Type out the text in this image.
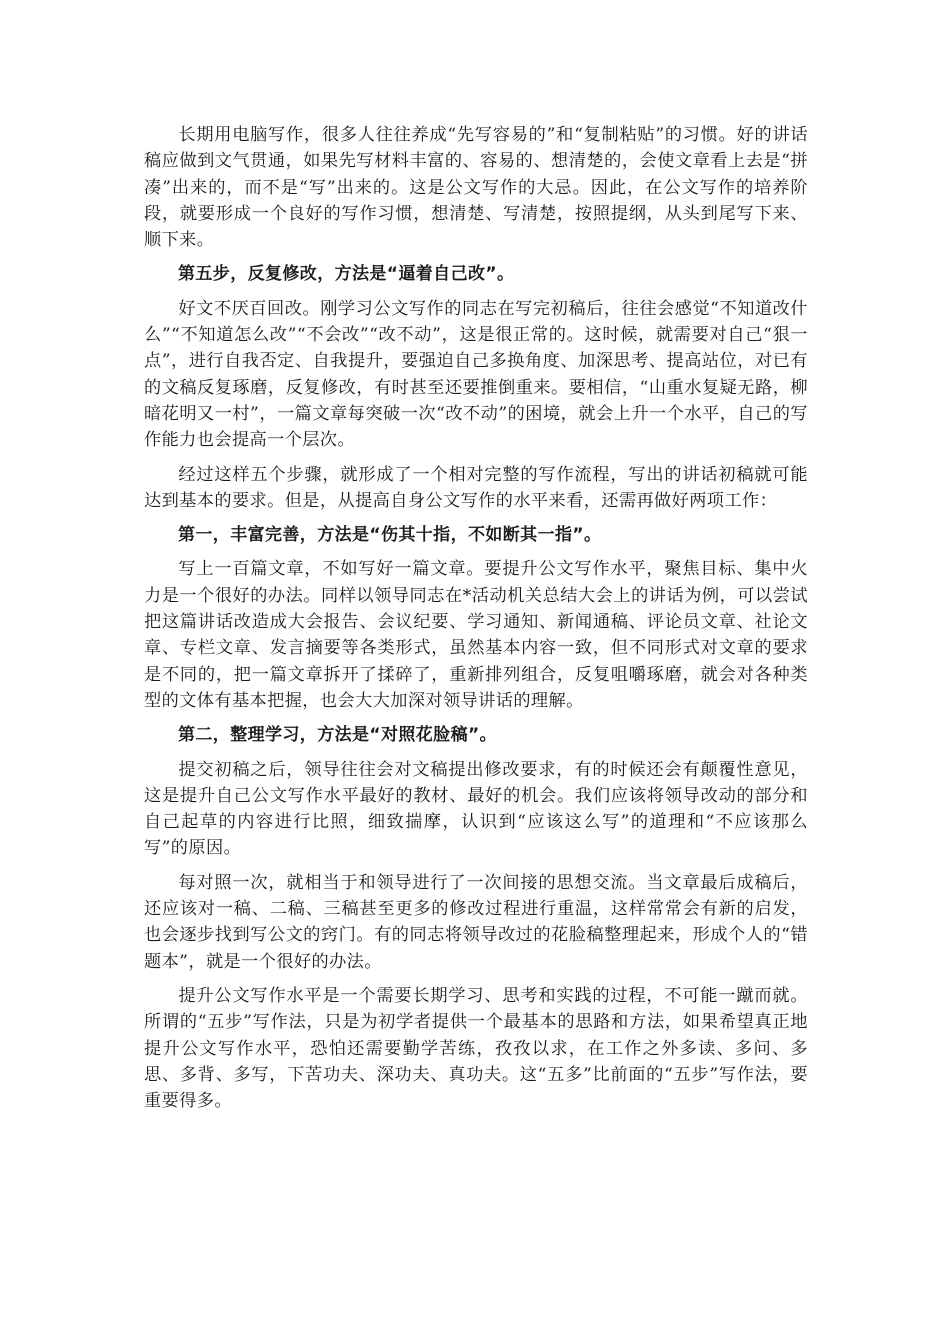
长期用电脑写作，很多人往往养成“先写容易的”和“复制粘贴”的习惯。好的讲话稿应做到文气贯通，如果先写材料丰富的、容易的、想清楚的，会使文章看上去是“拼凑”出来的，而不是“写”出来的。这是公文写作的大忌。因此，在公文写作的培养阶段，就要形成一个良好的写作习惯，想清楚、写清楚，按照提纲，从头到尾写下来、顺下来。

第五步，反复修改，方法是“逼着自己改”。

好文不厌百回改。刚学习公文写作的同志在写完初稿后，往往会感觉“不知道改什么”“不知道怎么改”“不会改”“改不动”，这是很正常的。这时候，就需要对自己“狠一点”，进行自我否定、自我提升，要强迫自己多换角度、加深思考、提高站位，对已有的文稿反复琢磨，反复修改，有时甚至还要推倒重来。要相信，“山重水复疑无路，柳暗花明又一村”，一篇文章每突破一次“改不动”的困境，就会上升一个水平，自己的写作能力也会提高一个层次。

经过这样五个步骤，就形成了一个相对完整的写作流程，写出的讲话初稿就可能达到基本的要求。但是，从提高自身公文写作的水平来看，还需再做好两项工作：

第一，丰富完善，方法是“伤其十指，不如断其一指”。

写上一百篇文章，不如写好一篇文章。要提升公文写作水平，聚焦目标、集中火力是一个很好的办法。同样以领导同志在*活动机关总结大会上的讲话为例，可以尝试把这篇讲话改造成大会报告、会议纪要、学习通知、新闻通稿、评论员文章、社论文章、专栏文章、发言摘要等各类形式，虽然基本内容一致，但不同形式对文章的要求是不同的，把一篇文章拆开了揉碎了，重新排列组合，反复咀嚼琢磨，就会对各种类型的文体有基本把握，也会大大加深对领导讲话的理解。

第二，整理学习，方法是“对照花脸稿”。

提交初稿之后，领导往往会对文稿提出修改要求，有的时候还会有颠覆性意见，这是提升自己公文写作水平最好的教材、最好的机会。我们应该将领导改动的部分和自己起草的内容进行比照，细致揣摩，认识到“应该这么写”的道理和“不应该那么写”的原因。

每对照一次，就相当于和领导进行了一次间接的思想交流。当文章最后成稿后，还应该对一稿、二稿、三稿甚至更多的修改过程进行重温，这样常常会有新的启发，也会逐步找到写公文的窍门。有的同志将领导改过的花脸稿整理起来，形成个人的“错题本”，就是一个很好的办法。

提升公文写作水平是一个需要长期学习、思考和实践的过程，不可能一蹴而就。所谓的“五步”写作法，只是为初学者提供一个最基本的思路和方法，如果希望真正地提升公文写作水平，恐怕还需要勤学苦练，孜孜以求，在工作之外多读、多问、多思、多背、多写，下苦功夫、深功夫、真功夫。这“五多”比前面的“五步”写作法，要重要得多。
